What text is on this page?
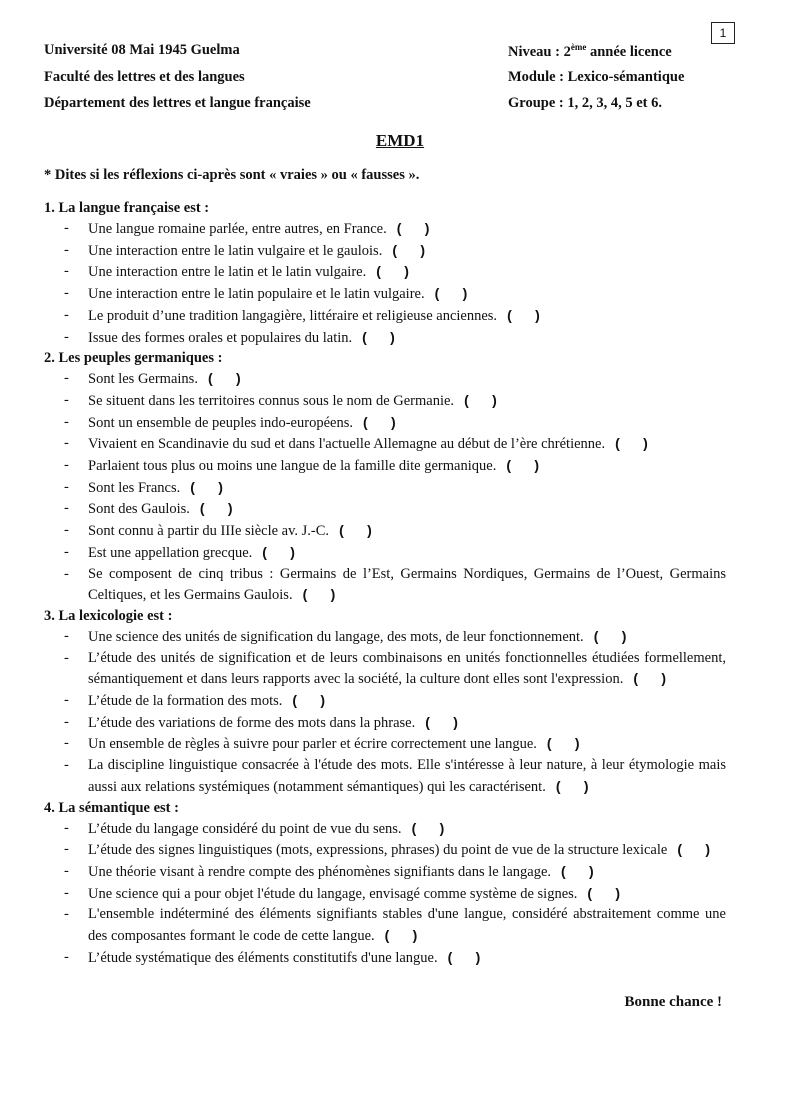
1
Université 08 Mai 1945 Guelma
Faculté des lettres et des langues
Département des lettres et langue française
Niveau : 2ème année licence
Module : Lexico-sémantique
Groupe : 1, 2, 3, 4, 5 et 6.
EMD1
* Dites si les réflexions ci-après sont « vraies » ou « fausses ».
1. La langue française est :
- Une langue romaine parlée, entre autres, en France. (      )
- Une interaction entre le latin vulgaire et le gaulois. (      )
- Une interaction entre le latin et le latin vulgaire. (      )
- Une interaction entre le latin populaire et le latin vulgaire. (      )
- Le produit d’une tradition langagière, littéraire et religieuse anciennes. (      )
- Issue des formes orales et populaires du latin. (      )
2. Les peuples germaniques :
- Sont les Germains. (      )
- Se situent dans les territoires connus sous le nom de Germanie. (      )
- Sont un ensemble de peuples indo-européens. (      )
- Vivaient en Scandinavie du sud et dans l'actuelle Allemagne au début de l’ère chrétienne. (      )
- Parlaient tous plus ou moins une langue de la famille dite germanique. (      )
- Sont les Francs. (      )
- Sont des Gaulois. (      )
- Sont connu à partir du IIIe siècle av. J.-C. (      )
- Est une appellation grecque. (      )
- Se composent de cinq tribus : Germains de l’Est, Germains Nordiques, Germains de l’Ouest, Germains Celtiques, et les Germains Gaulois. (      )
3. La lexicologie est :
- Une science des unités de signification du langage, des mots, de leur fonctionnement. (      )
- L’étude des unités de signification et de leurs combinaisons en unités fonctionnelles étudiées formellement, sémantiquement et dans leurs rapports avec la société, la culture dont elles sont l'expression. (      )
- L’étude de la formation des mots. (      )
- L’étude des variations de forme des mots dans la phrase. (      )
- Un ensemble de règles à suivre pour parler et écrire correctement une langue. (      )
- La discipline linguistique consacrée à l'étude des mots. Elle s'intéresse à leur nature, à leur étymologie mais aussi aux relations systémiques (notamment sémantiques) qui les caractérisent. (      )
4. La sémantique est :
- L’étude du langage considéré du point de vue du sens. (      )
- L’étude des signes linguistiques (mots, expressions, phrases) du point de vue de la structure lexicale (      )
- Une théorie visant à rendre compte des phénomènes signifiants dans le langage. (      )
- Une science qui a pour objet l'étude du langage, envisagé comme système de signes. (      )
- L'ensemble indéterminé des éléments signifiants stables d'une langue, considéré abstraitement comme une des composantes formant le code de cette langue. (      )
- L’étude systématique des éléments constitutifs d'une langue. (      )
Bonne chance !
